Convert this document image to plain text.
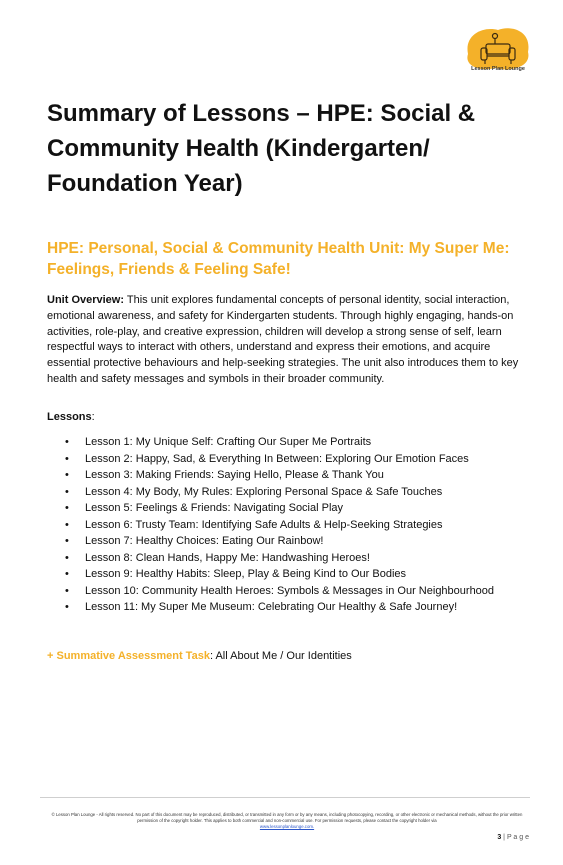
Lesson Plan Lounge
Summary of Lessons – HPE: Social & Community Health (Kindergarten/ Foundation Year)
HPE: Personal, Social & Community Health Unit: My Super Me: Feelings, Friends & Feeling Safe!

Unit Overview: This unit explores fundamental concepts of personal identity, social interaction, emotional awareness, and safety for Kindergarten students. Through highly engaging, hands-on activities, role-play, and creative expression, children will develop a strong sense of self, learn respectful ways to interact with others, understand and express their emotions, and acquire essential protective behaviours and help-seeking strategies. The unit also introduces them to key health and safety messages and symbols in their broader community.

Lessons:

• Lesson 1: My Unique Self: Crafting Our Super Me Portraits
• Lesson 2: Happy, Sad, & Everything In Between: Exploring Our Emotion Faces
• Lesson 3: Making Friends: Saying Hello, Please & Thank You
• Lesson 4: My Body, My Rules: Exploring Personal Space & Safe Touches
• Lesson 5: Feelings & Friends: Navigating Social Play
• Lesson 6: Trusty Team: Identifying Safe Adults & Help-Seeking Strategies
• Lesson 7: Healthy Choices: Eating Our Rainbow!
• Lesson 8: Clean Hands, Happy Me: Handwashing Heroes!
• Lesson 9: Healthy Habits: Sleep, Play & Being Kind to Our Bodies
• Lesson 10: Community Health Heroes: Symbols & Messages in Our Neighbourhood
• Lesson 11: My Super Me Museum: Celebrating Our Healthy & Safe Journey!

+ Summative Assessment Task: All About Me / Our Identities

© Lesson Plan Lounge - All rights reserved. No part of this document may be reproduced, distributed, or transmitted in any form or by any means, including photocopying, recording, or other electronic or mechanical methods, without the prior written permission of the copyright holder. This applies to both commercial and non-commercial use. For permission requests, please contact the copyright holder via
www.lessonplanlounge.com.

3 | P a g e
